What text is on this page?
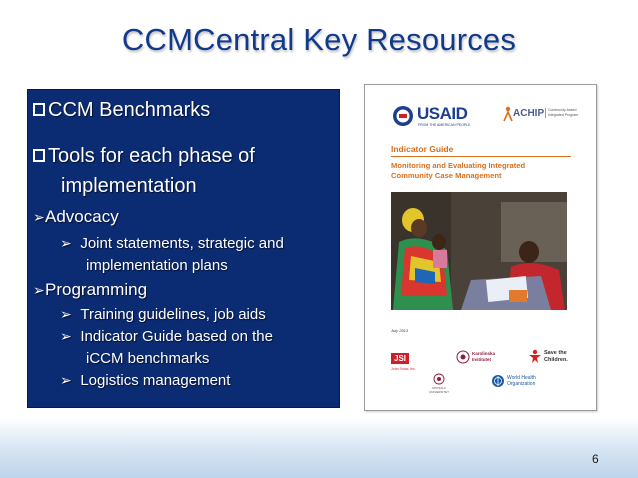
CCMCentral Key Resources
CCM Benchmarks
Tools for each phase of
implementation
➢Advocacy
➢ Joint statements, strategic and
implementation plans
➢Programming
➢ Training guidelines, job aids
➢ Indicator Guide based on the
iCCM benchmarks
➢ Logistics management
USAID
FROM THE AMERICAN PEOPLE
ACHIP Community-based
Integrated Program
Indicator Guide
Monitoring and Evaluating Integrated
Community Case Management
July 2013
JSI
John Snow, Inc.
Karolinska
Institutet
Save the
Children.
UPPSALA
UNIVERSITET
World Health
Organization
6
